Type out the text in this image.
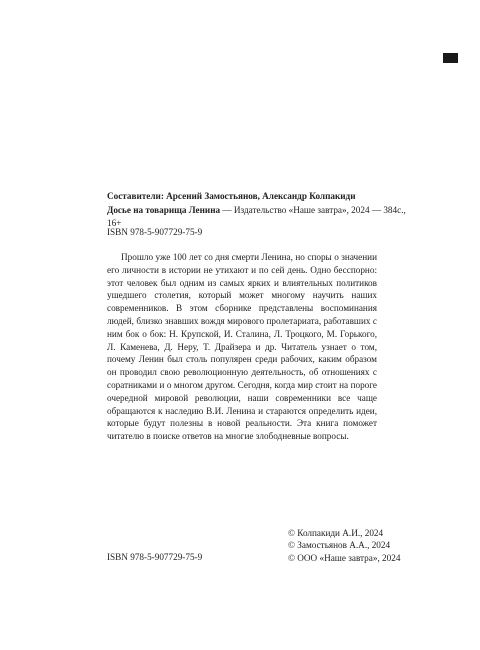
Составители: Арсений Замостьянов, Александр Колпакиди
Досье на товарища Ленина — Издательство «Наше завтра», 2024 — 384с., 16+
ISBN 978-5-907729-75-9

Прошло уже 100 лет со дня смерти Ленина, но споры о значении его личности в истории не утихают и по сей день. Одно бесспорно: этот человек был одним из самых ярких и влиятельных политиков ушедшего столетия, который может многому научить наших современников. В этом сборнике представлены воспоминания людей, близко знавших вождя мирового пролетариата, работавших с ним бок о бок: Н. Крупской, И. Сталина, Л. Троцкого, М. Горького, Л. Каменева, Д. Неру, Т. Драйзера и др. Читатель узнает о том, почему Ленин был столь популярен среди рабочих, каким образом он проводил свою революционную деятельность, об отношениях с соратниками и о многом другом. Сегодня, когда мир стоит на пороге очередной мировой революции, наши современники все чаще обращаются к наследию В.И. Ленина и стараются определить идеи, которые будут полезны в новой реальности. Эта книга поможет читателю в поиске ответов на многие злободневные вопросы.

ISBN 978-5-907729-75-9
© Колпакиди А.И., 2024
© Замостьянов А.А., 2024
© ООО «Наше завтра», 2024
